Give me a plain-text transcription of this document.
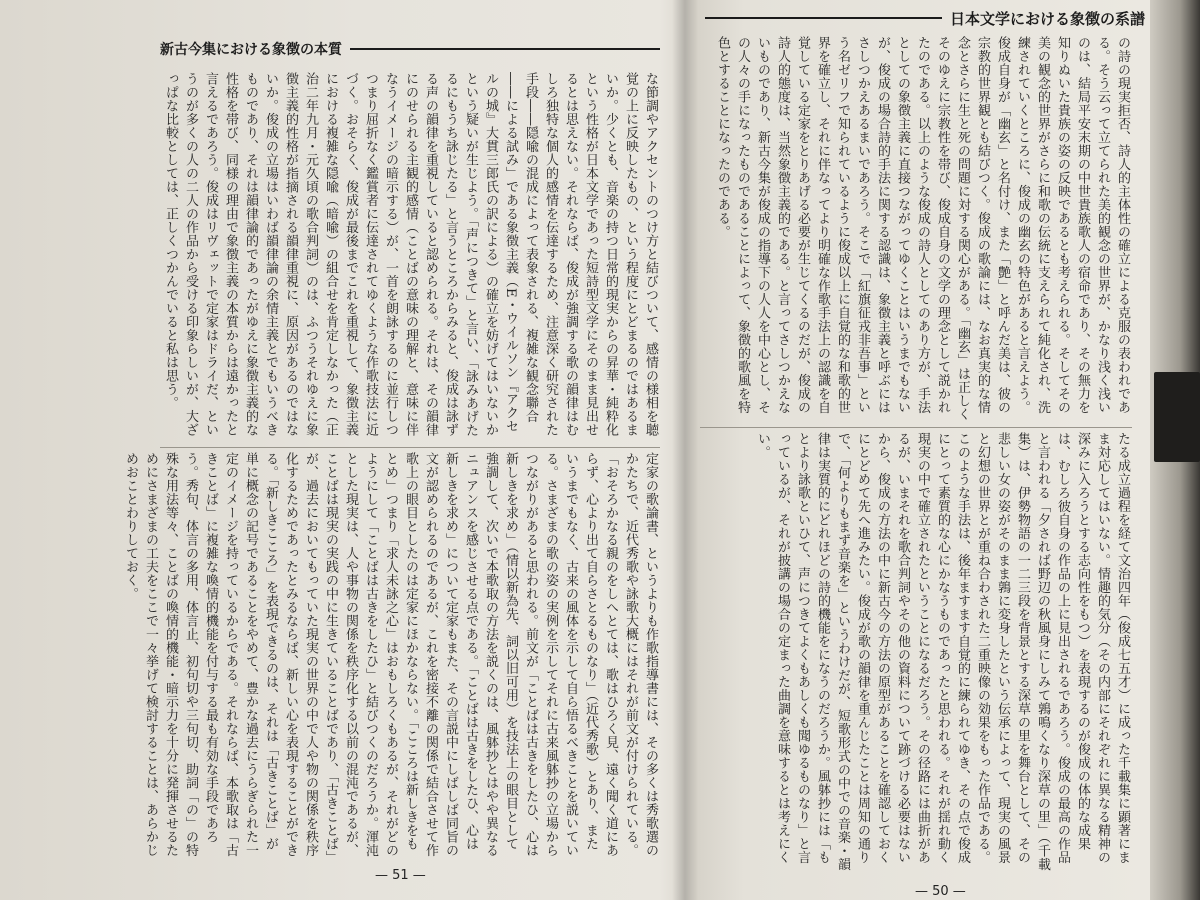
新古今集における象徴の本質

な節調やアクセントのつけ方と結びついて、感情の様相を聴覚の上に反映したもの、という程度にとどまるのではあるまいか。少くとも、音楽の持つ日常的現実からの昇華・純粋化という性格が日本文学であった短詩型文学にそのまま見出せるとは思えない。それならば、俊成が強調する歌の韻律はむしろ独特な個人的感情を伝達するため、注意深く研究された手段――隠喩の混成によって表象される、複雑な観念聯合――による試み」である象徴主義（E・ウイルソン『アクセルの城』大貫三郎氏の訳による）の確立を妨げてはいないかという疑いが生じよう。「声につきて」と言い、「詠みあげたるにもうち詠じたる」と言うところからみると、俊成は詠ずる声の韻律を重視していると認められる。それは、その韻律にのせられる主観的感情（ことばの意味の理解と、意味に伴なうイメージの暗示する）が、一首を朗詠するのに並行しつつまり屈折なく鑑賞者に伝達されてゆくような作歌技法に近づく。おそらく、俊成が最後までこれを重視して、象徴主義における複雑な隠喩（暗喩）の組合せを肯定しなかった（正治二年九月・元久頃の歌合判詞）のは、ふつうそれゆえに象徴主義的性格が指摘される韻律重視に、原因があるのではないか。俊成の立場はいわば韻律論の余情主義とでもいうべきものであり、それは韻律論的であったがゆえに象徴主義的な性格を帯び、同様の理由で象徴主義の本質からは遠かったと言えるであろう。俊成はリヴェットで定家はドライだ、というのが多くの人の二人の作品から受ける印象らしいが、大ざっぱな比較としては、正しくつかんでいると私は思う。

定家の歌論書、というよりも作歌指導書には、その多くは秀歌選のかたちで、近代秀歌や詠歌大概にはそれが前文が付けられている。「おそろかなる親のをしへとては、歌はひろく見、遠く聞く道にあらず、心より出て自らさとるものなり」（近代秀歌）とあり、またいうまでもなく、古来の風体を示して自ら悟るべきことを説いている。さまざまの歌の姿の実例を示してそれに古来風躰抄の立場からつながりがあると思われる。前文が「ことばは古きをしたひ、心は新しきを求め」（情以新為先、詞以旧可用）を技法上の眼目として強調して、次いで本歌取の方法を説くのは、風躰抄とはやや異なるニュアンスを感じさせる点である。「ことばは古きをしたひ、心は新しきを求め」について定家もまた、その言説中にしばしば同旨の文が認められるのであるが、これを密接不離の関係で結合させて作歌上の眼目としたのは定家にほかならない。「こころは新しきをもとめ」つまり「求人未詠之心」はおもしろくもあるが、それがどのようにして「ことばは古きをしたひ」と結びつくのだろうか。渾沌とした現実は、人や事物の関係を秩序化する以前の混沌であるが、ことばは現実の実践の中に生きていることばであり、「古きことば」が、過去においてもっていた現実の世界の中で人や物の関係を秩序化するためであったとみるならば、新しい心を表現することができる。「新しきこころ」を表現できるのは、それは「古きことば」が単に概念の記号であることをやめて、豊かな過去にうらぎられた一定のイメージを持っているからである。それならば、本歌取は「古きことば」に複雑な喚情的機能を付与する最も有効な手段であろう。秀句、体言の多用、体言止、初句切や三句切、助詞「の」の特殊な用法等々、ことばの喚情的機能・暗示力を十分に発揮させるためにさまざまの工夫をここで一々挙げて検討することは、あらかじめおことわりしておく。

— 51 —
日本文学における象徴の系譜

の詩の現実拒否、詩人的主体性の確立による克服の表われである。そう云って立てられた美的観念の世界が、かなり浅く浅いのは、結局平安末期の中世貴族歌人の宿命であり、その無力を知りぬいた貴族の姿の反映であるとも考えられる。そしてその美の観念的世界がさらに和歌の伝統に支えられて純化され、洗練されていくところに、俊成の幽玄の特色があると言えよう。俊成自身が「幽玄」と名付け、また「艶」と呼んだ美は、彼の宗教的世界観とも結びつく。俊成の歌論には、なお真実的な情念とさらに生と死の問題に対する関心がある。「幽玄」は正しくそのゆえに宗教性を帯び、俊成自身の文学の理念として説かれたのである。以上のような俊成の詩人としてのあり方が、手法としての象徴主義に直接つながってゆくことはいうまでもないが、俊成の場合詩的手法に関する認識は、象徴主義と呼ぶにはさしつかえあるまいであろう。そこで「紅旗征戎非吾事」という名ゼリフで知られているように俊成以上に自覚的な和歌的世界を確立し、それに伴なってより明確な作歌手法上の認識を自覚している定家をとりあげる必要が生じてくるのだが、俊成の詩人的態度は、当然象徴主義的である。と言ってさしつかえないものであり、新古今集が俊成の指導下の人人を中心とし、その人々の手になったものであることによって、象徴的歌風を特色とすることになったのである。

たる成立過程を経て文治四年（俊成七五才）に成った千載集に顕著にまま対応してはいない。情趣的気分（その内部にそれぞれに異なる精神の深みに入ろうとする志向性をもつ）を表現するのが俊成の体的な成果は、むしろ彼自身の作品の上に見出されるであろう。俊成の最高の作品と言われる「夕されば野辺の秋風身にしみて鶉鳴くなり深草の里」（千載集）は、伊勢物語の一二三段を背景とする深草の里を舞台として、その悲しい女の姿がそのまま鶉に変身したという伝承によって、現実の風景と幻想の世界とが重ね合わされた二重映像の効果をもった作品である。このような手法は、後年ますます自覚的に練られてゆき、その点で俊成にとって素質的な心にかなうものであったと思われる。それが揺れ動く現実の中で確立されたということになるだろう。その径路には曲折があるが、いまそれを歌合判詞やその他の資料について跡づける必要はないから、俊成の方法の中に新古今の方法の原型があることを確認しておくにとどめて先へ進みたい。俊成が歌の韻律を重んじたことは周知の通りで、「何よりもまず音楽を」というわけだが、短歌形式の中での音楽・韻律は実質的にどれほどの詩的機能をになうのだろうか。風躰抄には「もとより詠歌といひて、声につきてよくもあしくも聞ゆるものなり」と言っているが、それが披講の場合の定まった曲調を意味するとは考えにくい。

— 50 —
